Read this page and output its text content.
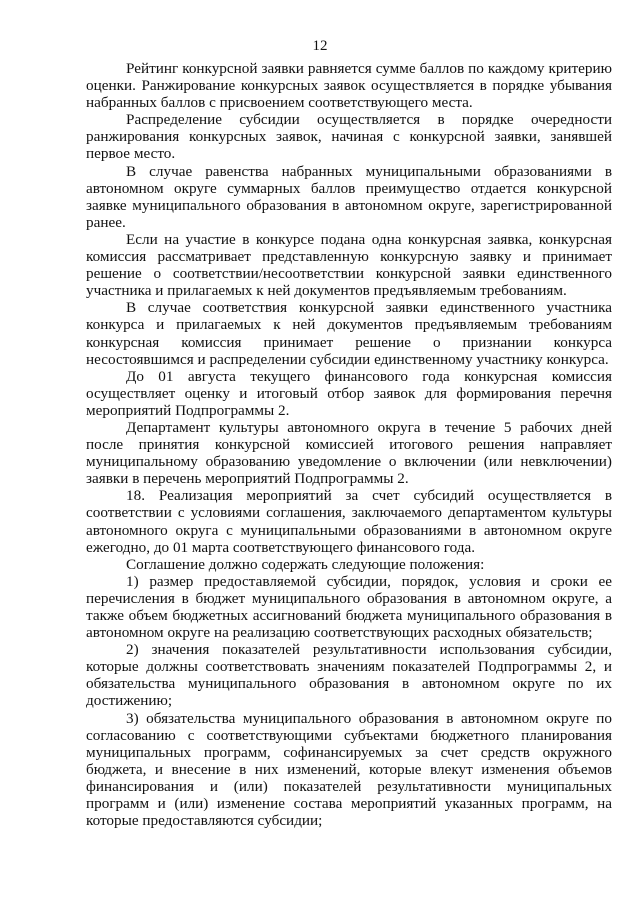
12

Рейтинг конкурсной заявки равняется сумме баллов по каждому критерию оценки. Ранжирование конкурсных заявок осуществляется в порядке убывания набранных баллов с присвоением соответствующего места.

Распределение субсидии осуществляется в порядке очередности ранжирования конкурсных заявок, начиная с конкурсной заявки, занявшей первое место.

В случае равенства набранных муниципальными образованиями в автономном округе суммарных баллов преимущество отдается конкурсной заявке муниципального образования в автономном округе, зарегистрированной ранее.

Если на участие в конкурсе подана одна конкурсная заявка, конкурсная комиссия рассматривает представленную конкурсную заявку и принимает решение о соответствии/несоответствии конкурсной заявки единственного участника и прилагаемых к ней документов предъявляемым требованиям.

В случае соответствия конкурсной заявки единственного участника конкурса и прилагаемых к ней документов предъявляемым требованиям конкурсная комиссия принимает решение о признании конкурса несостоявшимся и распределении субсидии единственному участнику конкурса.

До 01 августа текущего финансового года конкурсная комиссия осуществляет оценку и итоговый отбор заявок для формирования перечня мероприятий Подпрограммы 2.

Департамент культуры автономного округа в течение 5 рабочих дней после принятия конкурсной комиссией итогового решения направляет муниципальному образованию уведомление о включении (или невключении) заявки в перечень мероприятий Подпрограммы 2.

18. Реализация мероприятий за счет субсидий осуществляется в соответствии с условиями соглашения, заключаемого департаментом культуры автономного округа с муниципальными образованиями в автономном округе ежегодно, до 01 марта соответствующего финансового года.

Соглашение должно содержать следующие положения:

1) размер предоставляемой субсидии, порядок, условия и сроки ее перечисления в бюджет муниципального образования в автономном округе, а также объем бюджетных ассигнований бюджета муниципального образования в автономном округе на реализацию соответствующих расходных обязательств;

2) значения показателей результативности использования субсидии, которые должны соответствовать значениям показателей Подпрограммы 2, и обязательства муниципального образования в автономном округе по их достижению;

3) обязательства муниципального образования в автономном округе по согласованию с соответствующими субъектами бюджетного планирования муниципальных программ, софинансируемых за счет средств окружного бюджета, и внесение в них изменений, которые влекут изменения объемов финансирования и (или) показателей результативности муниципальных программ и (или) изменение состава мероприятий указанных программ, на которые предоставляются субсидии;
